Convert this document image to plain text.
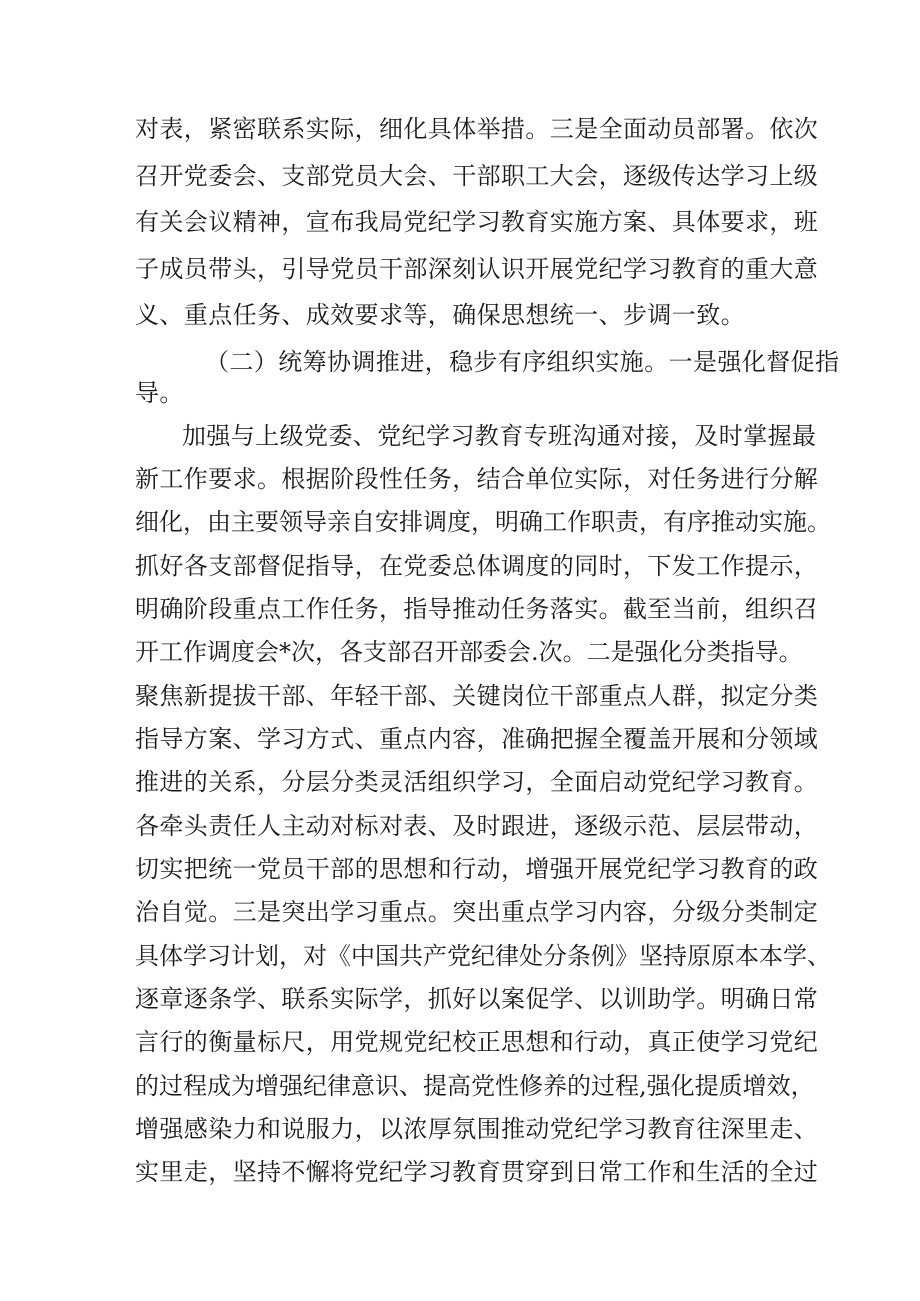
对表，紧密联系实际，细化具体举措。三是全面动员部署。依次
召开党委会、支部党员大会、干部职工大会，逐级传达学习上级
有关会议精神，宣布我局党纪学习教育实施方案、具体要求，班
子成员带头，引导党员干部深刻认识开展党纪学习教育的重大意
义、重点任务、成效要求等，确保思想统一、步调一致。
（二）统筹协调推进，稳步有序组织实施。一是强化督促指
导。
加强与上级党委、党纪学习教育专班沟通对接，及时掌握最
新工作要求。根据阶段性任务，结合单位实际，对任务进行分解
细化，由主要领导亲自安排调度，明确工作职责，有序推动实施。
抓好各支部督促指导，在党委总体调度的同时，下发工作提示，
明确阶段重点工作任务，指导推动任务落实。截至当前，组织召
开工作调度会*次，各支部召开部委会.次。二是强化分类指导。
聚焦新提拔干部、年轻干部、关键岗位干部重点人群，拟定分类
指导方案、学习方式、重点内容，准确把握全覆盖开展和分领域
推进的关系，分层分类灵活组织学习，全面启动党纪学习教育。
各牵头责任人主动对标对表、及时跟进，逐级示范、层层带动，
切实把统一党员干部的思想和行动，增强开展党纪学习教育的政
治自觉。三是突出学习重点。突出重点学习内容，分级分类制定
具体学习计划，对《中国共产党纪律处分条例》坚持原原本本学、
逐章逐条学、联系实际学，抓好以案促学、以训助学。明确日常
言行的衡量标尺，用党规党纪校正思想和行动，真正使学习党纪
的过程成为增强纪律意识、提高党性修养的过程,强化提质增效，
增强感染力和说服力，以浓厚氛围推动党纪学习教育往深里走、
实里走，坚持不懈将党纪学习教育贯穿到日常工作和生活的全过
